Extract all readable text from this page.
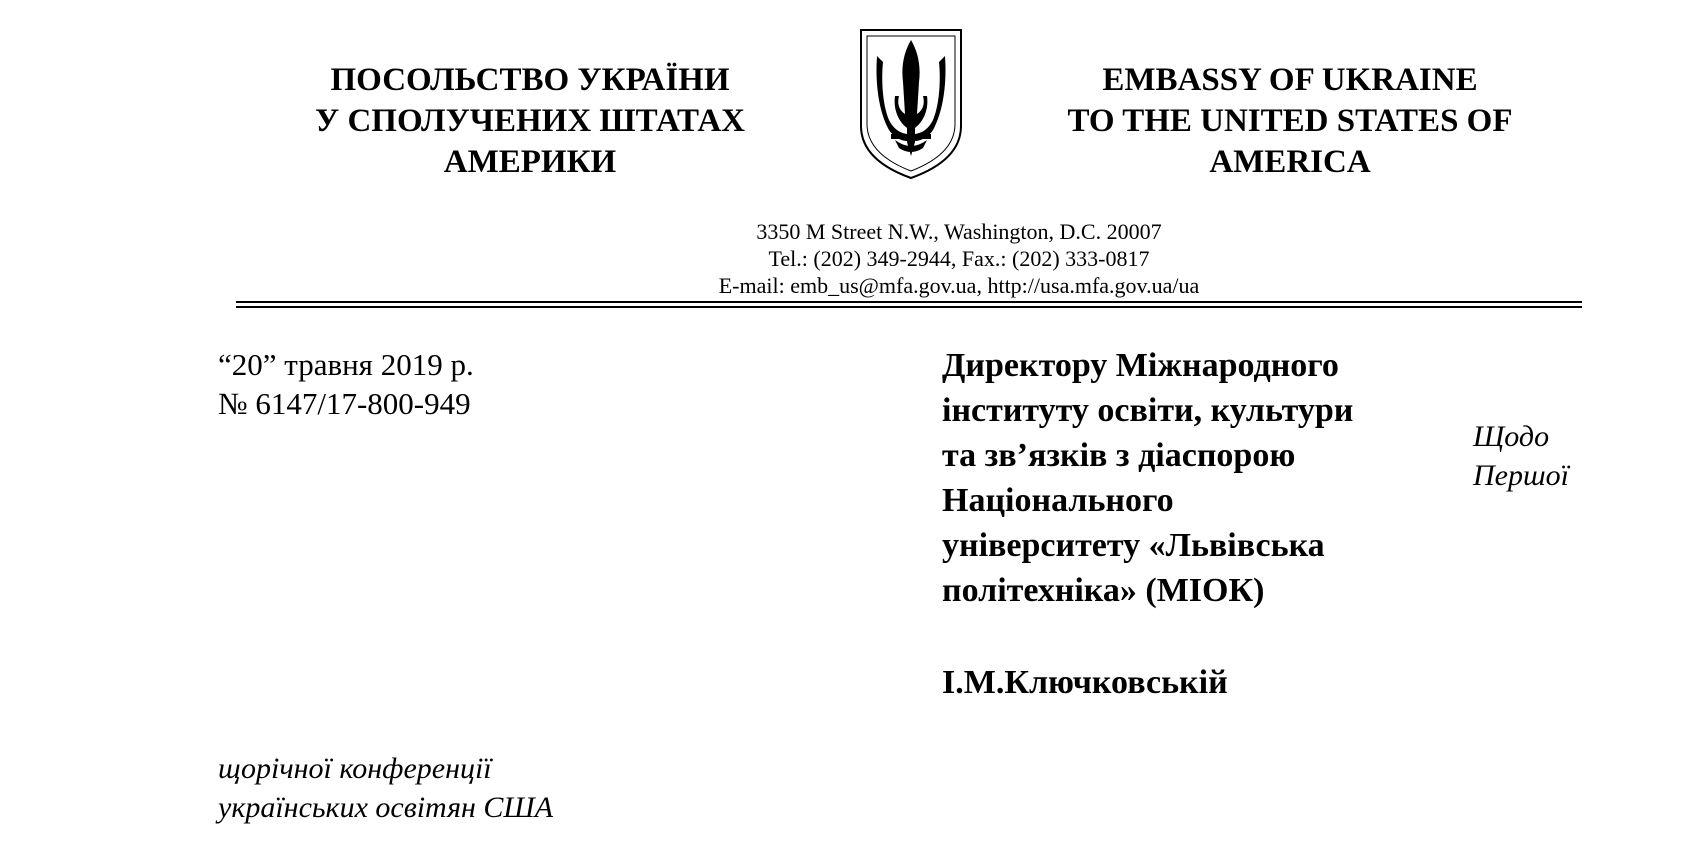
ПОСОЛЬСТВО УКРАЇНИ
У СПОЛУЧЕНИХ ШТАТАХ
АМЕРИКИ
EMBASSY OF UKRAINE
TO THE UNITED STATES OF
AMERICA
3350 M Street N.W., Washington, D.C. 20007
Tel.: (202) 349-2944, Fax.: (202) 333-0817
E-mail: emb_us@mfa.gov.ua, http://usa.mfa.gov.ua/ua
“20” травня 2019 р.
№ 6147/17-800-949
Директору Міжнародного
інституту освіти, культури
та зв’язків з діаспорою
Національного
університету «Львівська
політехніка» (МІОК)
І.М.Ключковській
Щодо
Першої
щорічної конференції
українських освітян США
